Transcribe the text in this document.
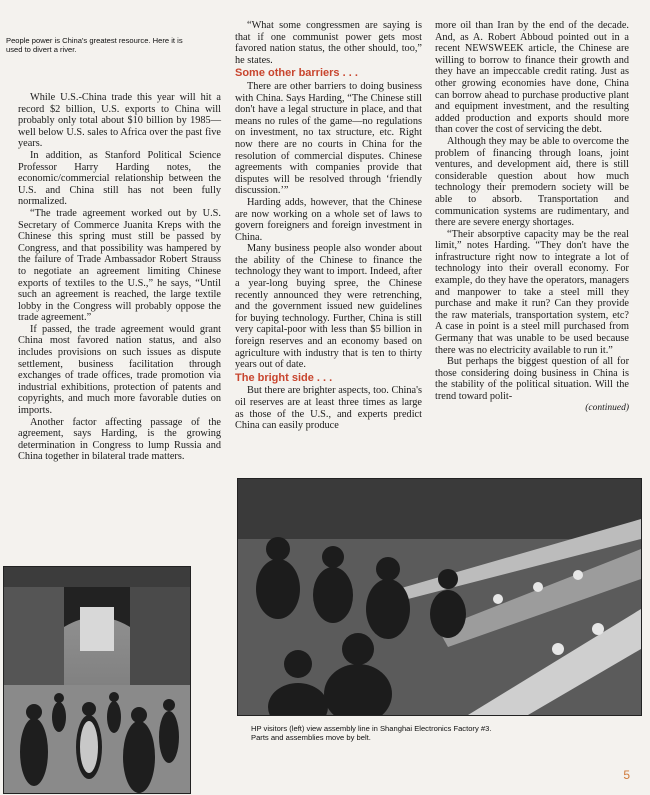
People power is China's greatest resource. Here it is used to divert a river.

While U.S.-China trade this year will hit a record $2 billion, U.S. exports to China will probably only total about $10 billion by 1985—well below U.S. sales to Africa over the past five years.

In addition, as Stanford Political Science Professor Harry Harding notes, the economic/commercial relationship between the U.S. and China still has not been fully normalized.

“The trade agreement worked out by U.S. Secretary of Commerce Juanita Kreps with the Chinese this spring must still be passed by Congress, and that possibility was hampered by the failure of Trade Ambassador Robert Strauss to negotiate an agreement limiting Chinese exports of textiles to the U.S.,” he says, “Until such an agreement is reached, the large textile lobby in the Congress will probably oppose the trade agreement.”

If passed, the trade agreement would grant China most favored nation status, and also includes provisions on such issues as dispute settlement, business facilitation through exchanges of trade offices, trade promotion via industrial exhibitions, protection of patents and copyrights, and much more favorable duties on imports.

Another factor affecting passage of the agreement, says Harding, is the growing determination in Congress to lump Russia and China together in bilateral trade matters.

“What some congressmen are saying is that if one communist power gets most favored nation status, the other should, too,” he states.

Some other barriers . . .

There are other barriers to doing business with China. Says Harding, “The Chinese still don't have a legal structure in place, and that means no rules of the game—no regulations on investment, no tax structure, etc. Right now there are no courts in China for the resolution of commercial disputes. Chinese agreements with companies provide that disputes will be resolved through ‘friendly discussion.’”

Harding adds, however, that the Chinese are now working on a whole set of laws to govern foreigners and foreign investment in China.

Many business people also wonder about the ability of the Chinese to finance the technology they want to import. Indeed, after a year-long buying spree, the Chinese recently announced they were retrenching, and the government issued new guidelines for buying technology. Further, China is still very capital-poor with less than $5 billion in foreign reserves and an economy based on agriculture with industry that is ten to thirty years out of date.

The bright side . . .

But there are brighter aspects, too. China's oil reserves are at least three times as large as those of the U.S., and experts predict China can easily produce

more oil than Iran by the end of the decade. And, as A. Robert Abboud pointed out in a recent NEWSWEEK article, the Chinese are willing to borrow to finance their growth and they have an impeccable credit rating. Just as other growing economies have done, China can borrow ahead to purchase productive plant and equipment investment, and the resulting added production and exports should more than cover the cost of servicing the debt.

Although they may be able to overcome the problem of financing through loans, joint ventures, and development aid, there is still considerable question about how much technology their premodern society will be able to absorb. Transportation and communication systems are rudimentary, and there are severe energy shortages.

“Their absorptive capacity may be the real limit,” notes Harding. “They don't have the infrastructure right now to integrate a lot of technology into their overall economy. For example, do they have the operators, managers and manpower to take a steel mill they purchase and make it run? Can they provide the raw materials, transportation system, etc? A case in point is a steel mill purchased from Germany that was unable to be used because there was no electricity available to run it.”

But perhaps the biggest question of all for those considering doing business in China is the stability of the political situation. Will the trend toward polit-

(continued)
HP visitors (left) view assembly line in Shanghai Electronics Factory #3. Parts and assemblies move by belt.
5
